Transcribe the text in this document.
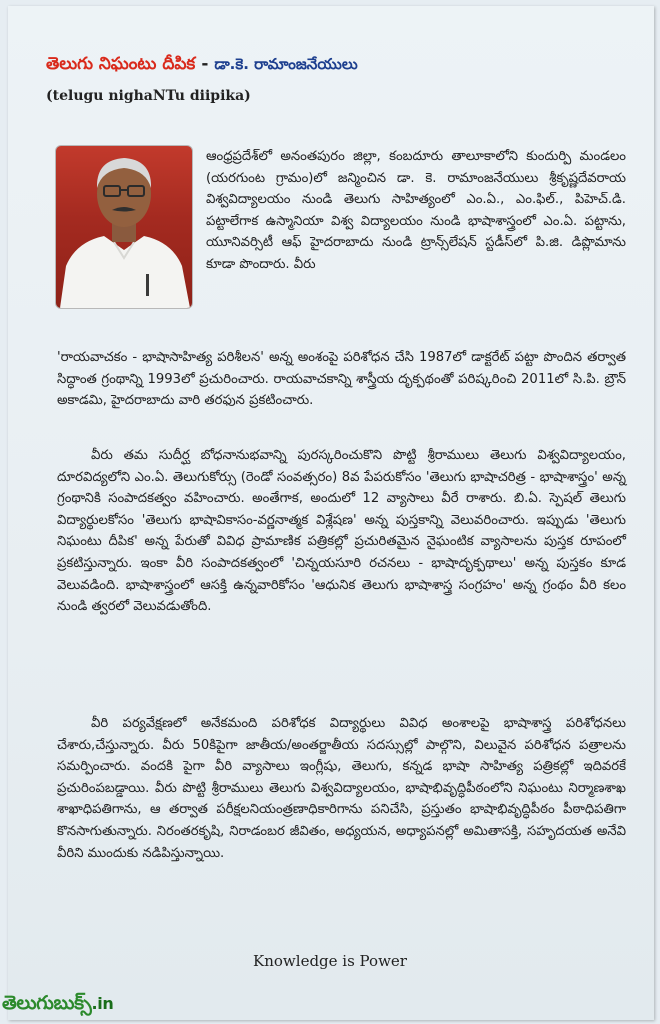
తెలుగు నిఘంటు దీపిక - డా.కె. రామాంజనేయులు
(telugu nighaNTu diipika)
ఆంధ్రప్రదేశ్‌లో అనంతపురం జిల్లా, కంబదూరు తాలూకాలోని కుందుర్పి మండలం (యరగుంట గ్రామం)లో జన్మించిన డా. కె. రామాంజనేయులు శ్రీకృష్ణదేవరాయ విశ్వవిద్యాలయం నుండి తెలుగు సాహిత్యంలో ఎం.ఏ., ఎం.ఫిల్., పిహెచ్.డి. పట్టాలేగాక ఉస్మానియా విశ్వ విద్యాలయం నుండి భాషాశాస్త్రంలో ఎం.ఏ. పట్టాను, యూనివర్సిటీ ఆఫ్ హైదరాబాదు నుండి ట్రాన్స్‌లేషన్ స్టడీస్‌లో పి.జి. డిప్లొమాను కూడా పొందారు. వీరు
'రాయవాచకం - భాషాసాహిత్య పరిశీలన' అన్న అంశంపై పరిశోధన చేసి 1987లో డాక్టరేట్ పట్టా పొందిన తర్వాత సిద్ధాంత గ్రంథాన్ని 1993లో ప్రచురించారు. రాయవాచకాన్ని శాస్త్రీయ దృక్పథంతో పరిష్కరించి 2011లో సి.పి. బ్రౌన్ అకాడమి, హైదరాబాదు వారి తరఫున ప్రకటించారు.
వీరు తమ సుదీర్ఘ బోధనానుభవాన్ని పురస్కరించుకొని పొట్టి శ్రీరాములు తెలుగు విశ్వవిద్యాలయం, దూరవిద్యలోని ఎం.ఏ. తెలుగుకోర్సు (రెండో సంవత్సరం) 8వ పేపరుకోసం 'తెలుగు భాషాచరిత్ర - భాషాశాస్త్రం' అన్న గ్రంథానికి సంపాదకత్వం వహించారు. అంతేగాక, అందులో 12 వ్యాసాలు వీరే రాశారు. బి.ఏ. స్పెషల్ తెలుగు విద్యార్థులకోసం 'తెలుగు భాషావికాసం-వర్ణనాత్మక విశ్లేషణ' అన్న పుస్తకాన్ని వెలువరించారు. ఇప్పుడు 'తెలుగు నిఘంటు దీపిక' అన్న పేరుతో వివిధ ప్రామాణిక పత్రికల్లో ప్రచురితమైన నైఘంటిక వ్యాసాలను పుస్తక రూపంలో ప్రకటిస్తున్నారు. ఇంకా వీరి సంపాదకత్వంలో 'చిన్నయసూరి రచనలు - భాషాదృక్పథాలు' అన్న పుస్తకం కూడ వెలువడింది. భాషాశాస్త్రంలో ఆసక్తి ఉన్నవారికోసం 'ఆధునిక తెలుగు భాషాశాస్త్ర సంగ్రహం' అన్న గ్రంథం వీరి కలం నుండి త్వరలో వెలువడుతోంది.
వీరి పర్యవేక్షణలో అనేకమంది పరిశోధక విద్యార్థులు వివిధ అంశాలపై భాషాశాస్త్ర పరిశోధనలు చేశారు,చేస్తున్నారు. వీరు 50కిపైగా జాతీయ/అంతర్జాతీయ సదస్సుల్లో పాల్గొని, విలువైన పరిశోధన పత్రాలను సమర్పించారు. వందకి పైగా వీరి వ్యాసాలు ఇంగ్లీషు, తెలుగు, కన్నడ భాషా సాహిత్య పత్రికల్లో ఇదివరకే ప్రచురింపబడ్డాయి. వీరు పొట్టి శ్రీరాములు తెలుగు విశ్వవిద్యాలయం, భాషాభివృద్ధిపీఠంలోని నిఘంటు నిర్మాణశాఖ శాఖాధిపతిగాను, ఆ తర్వాత పరీక్షలనియంత్రణాధికారిగాను పనిచేసి, ప్రస్తుతం భాషాభివృద్ధిపీఠం పీఠాధిపతిగా కొనసాగుతున్నారు. నిరంతరకృషి, నిరాడంబర జీవితం, అధ్యయన, అధ్యాపనల్లో అమితాసక్తి, సహృదయత అనేవి వీరిని ముందుకు నడిపిస్తున్నాయి.
Knowledge is Power
తెలుగుబుక్స్.in
